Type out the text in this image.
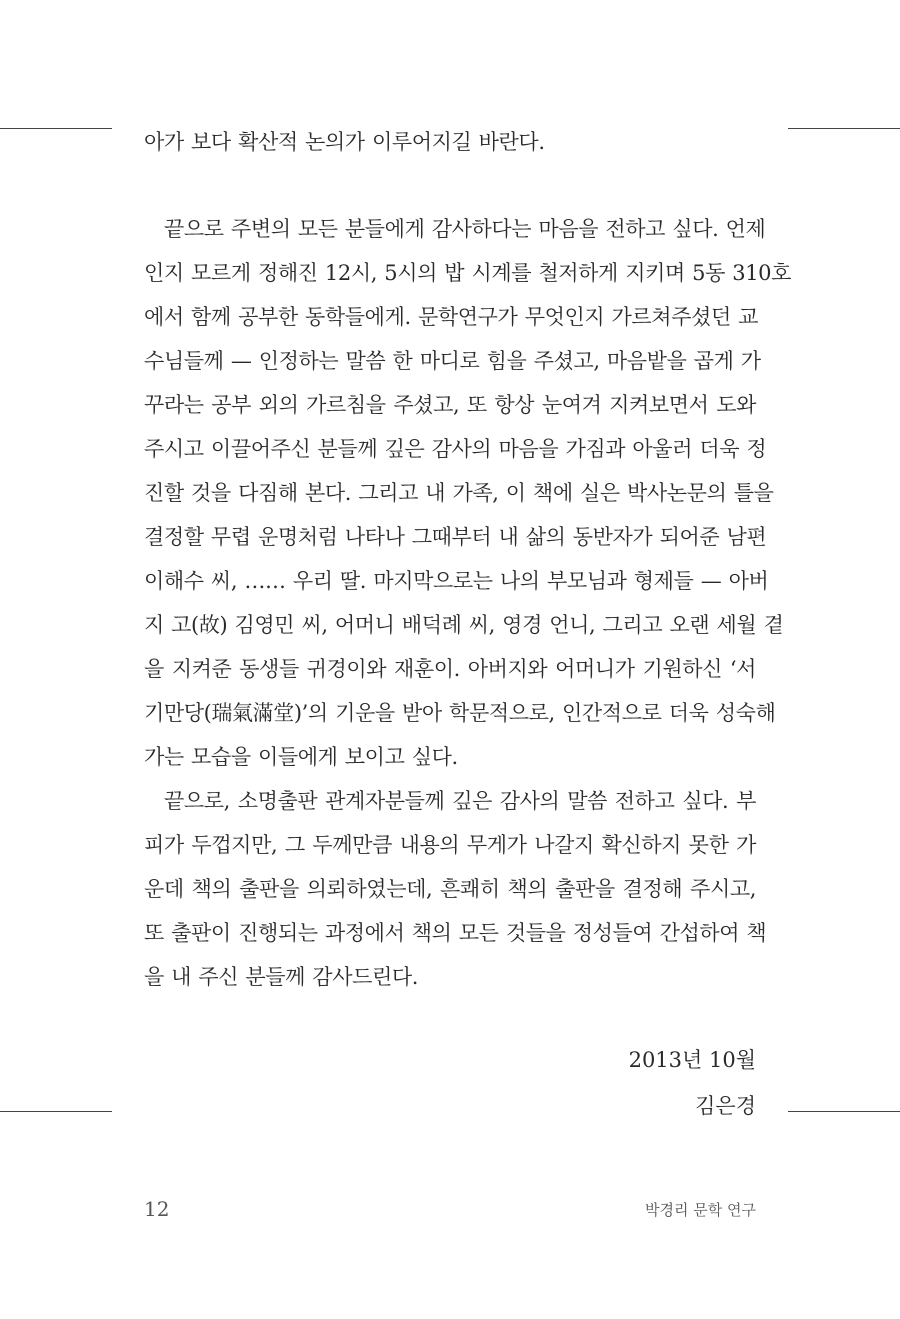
아가 보다 확산적 논의가 이루어지길 바란다.
끝으로 주변의 모든 분들에게 감사하다는 마음을 전하고 싶다. 언제
인지 모르게 정해진 12시, 5시의 밥 시계를 철저하게 지키며 5동 310호
에서 함께 공부한 동학들에게. 문학연구가 무엇인지 가르쳐주셨던 교
수님들께 — 인정하는 말씀 한 마디로 힘을 주셨고, 마음밭을 곱게 가
꾸라는 공부 외의 가르침을 주셨고, 또 항상 눈여겨 지켜보면서 도와
주시고 이끌어주신 분들께 깊은 감사의 마음을 가짐과 아울러 더욱 정
진할 것을 다짐해 본다. 그리고 내 가족, 이 책에 실은 박사논문의 틀을
결정할 무렵 운명처럼 나타나 그때부터 내 삶의 동반자가 되어준 남편
이해수 씨, …… 우리 딸. 마지막으로는 나의 부모님과 형제들 — 아버
지 고(故) 김영민 씨, 어머니 배덕례 씨, 영경 언니, 그리고 오랜 세월 곁
을 지켜준 동생들 귀경이와 재훈이. 아버지와 어머니가 기원하신 ‘서
기만당(瑞氣滿堂)’의 기운을 받아 학문적으로, 인간적으로 더욱 성숙해
가는 모습을 이들에게 보이고 싶다.
끝으로, 소명출판 관계자분들께 깊은 감사의 말씀 전하고 싶다. 부
피가 두껍지만, 그 두께만큼 내용의 무게가 나갈지 확신하지 못한 가
운데 책의 출판을 의뢰하였는데, 흔쾌히 책의 출판을 결정해 주시고,
또 출판이 진행되는 과정에서 책의 모든 것들을 정성들여 간섭하여 책
을 내 주신 분들께 감사드린다.
2013년 10월
김은경
12	박경리 문학 연구
